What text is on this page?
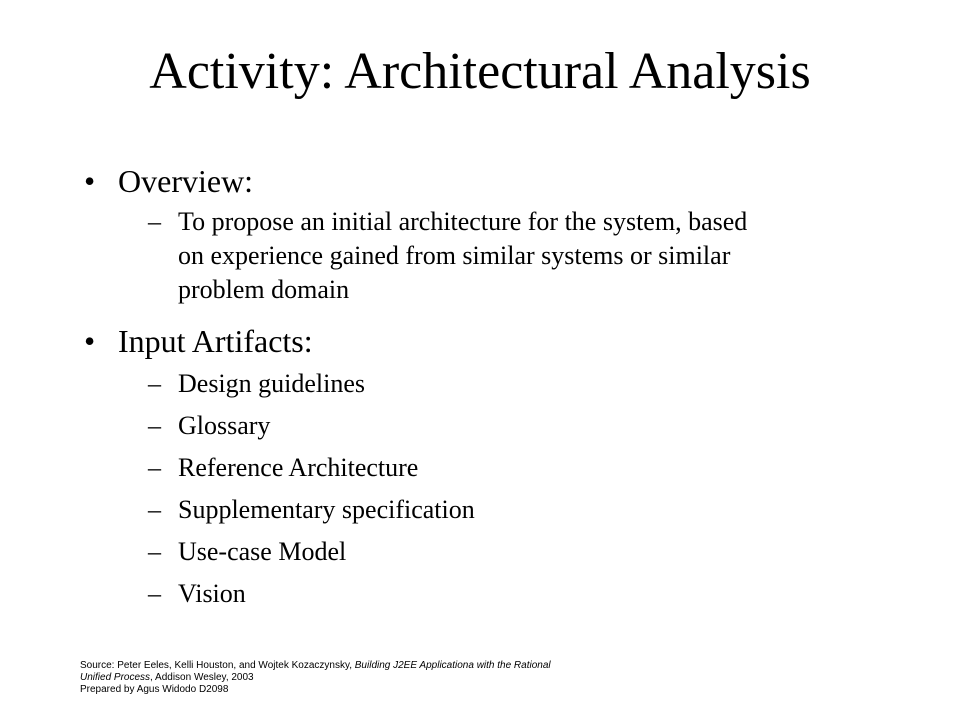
Activity: Architectural Analysis
• Overview:
– To propose an initial architecture for the system, based
on experience gained from similar systems or similar
problem domain
• Input Artifacts:
– Design guidelines
– Glossary
– Reference Architecture
– Supplementary specification
– Use-case Model
– Vision
Source: Peter Eeles, Kelli Houston, and Wojtek Kozaczynsky, Building J2EE Applicationa with the Rational
Unified Process, Addison Wesley, 2003
Prepared by Agus Widodo D2098
